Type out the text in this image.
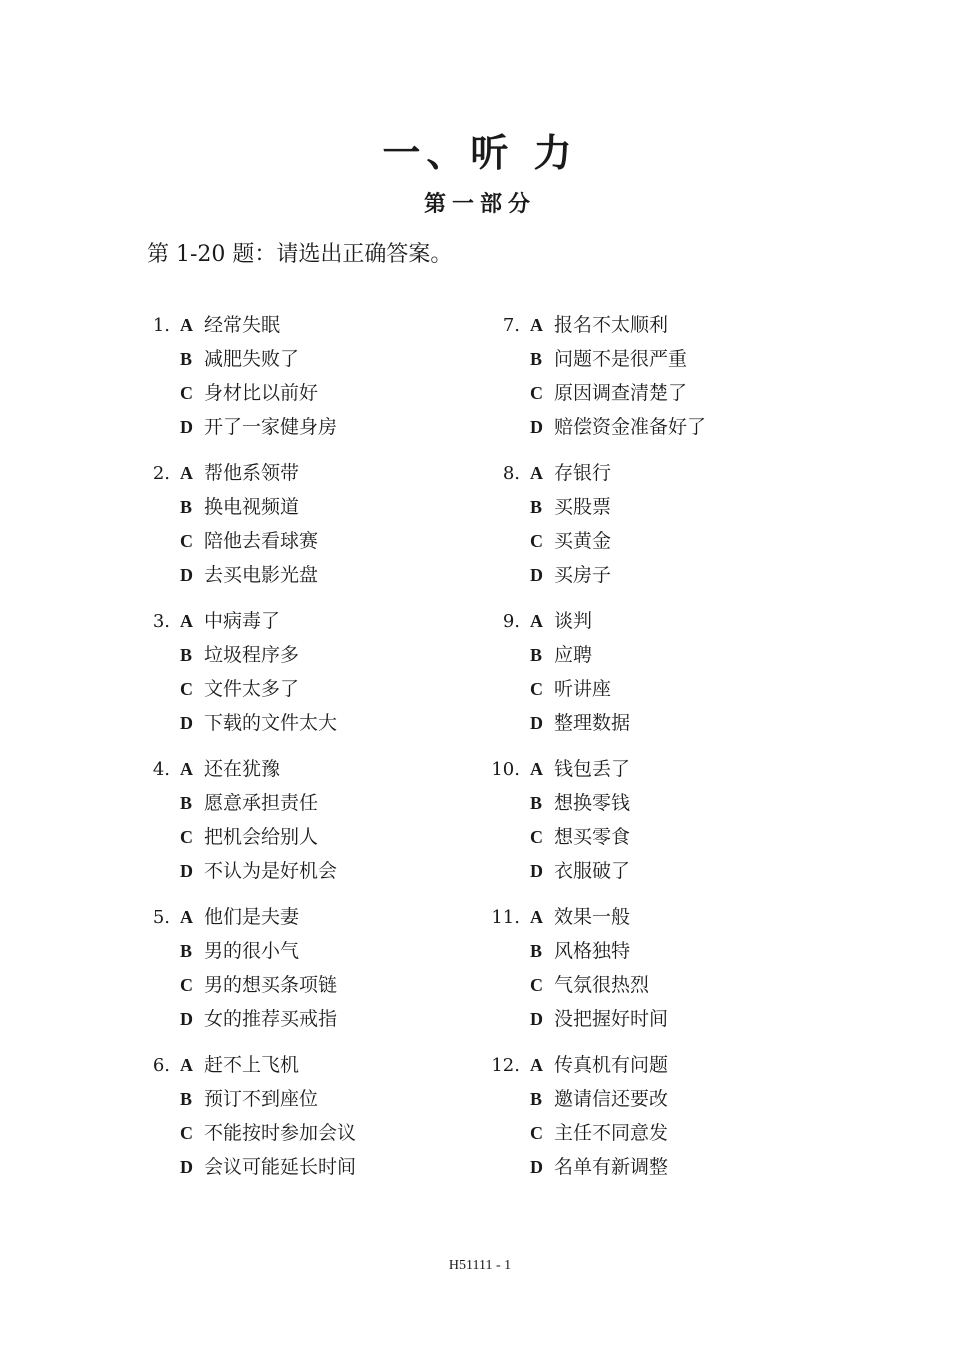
一、听 力
第一部分
第 1-20 题：请选出正确答案。
1. A 经常失眠
B 减肥失败了
C 身材比以前好
D 开了一家健身房
2. A 帮他系领带
B 换电视频道
C 陪他去看球赛
D 去买电影光盘
3. A 中病毒了
B 垃圾程序多
C 文件太多了
D 下载的文件太大
4. A 还在犹豫
B 愿意承担责任
C 把机会给别人
D 不认为是好机会
5. A 他们是夫妻
B 男的很小气
C 男的想买条项链
D 女的推荐买戒指
6. A 赶不上飞机
B 预订不到座位
C 不能按时参加会议
D 会议可能延长时间
7. A 报名不太顺利
B 问题不是很严重
C 原因调查清楚了
D 赔偿资金准备好了
8. A 存银行
B 买股票
C 买黄金
D 买房子
9. A 谈判
B 应聘
C 听讲座
D 整理数据
10. A 钱包丢了
B 想换零钱
C 想买零食
D 衣服破了
11. A 效果一般
B 风格独特
C 气氛很热烈
D 没把握好时间
12. A 传真机有问题
B 邀请信还要改
C 主任不同意发
D 名单有新调整
H51111 - 1
